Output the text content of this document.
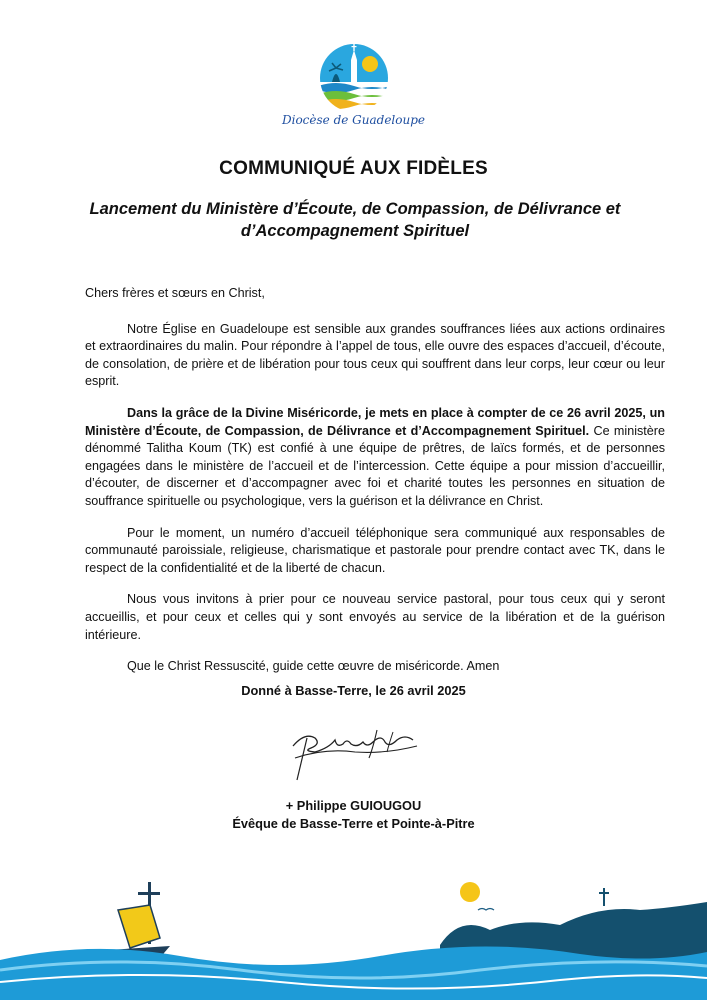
Diocèse de Guadeloupe
COMMUNIQUÉ AUX FIDÈLES
Lancement du Ministère d’Écoute, de Compassion, de Délivrance et d’Accompagnement Spirituel

Chers frères et sœurs en Christ,

Notre Église en Guadeloupe est sensible aux grandes souffrances liées aux actions ordinaires et extraordinaires du malin. Pour répondre à l’appel de tous, elle ouvre des espaces d’accueil, d’écoute, de consolation, de prière et de libération pour tous ceux qui souffrent dans leur corps, leur cœur ou leur esprit.

Dans la grâce de la Divine Miséricorde, je mets en place à compter de ce 26 avril 2025, un Ministère d’Écoute, de Compassion, de Délivrance et d’Accompagnement Spirituel. Ce ministère dénommé Talitha Koum (TK) est confié à une équipe de prêtres, de laïcs formés, et de personnes engagées dans le ministère de l’accueil et de l’intercession. Cette équipe a pour mission d’accueillir, d’écouter, de discerner et d’accompagner avec foi et charité toutes les personnes en situation de souffrance spirituelle ou psychologique, vers la guérison et la délivrance en Christ.

Pour le moment, un numéro d’accueil téléphonique sera communiqué aux responsables de communauté paroissiale, religieuse, charismatique et pastorale pour prendre contact avec TK, dans le respect de la confidentialité et de la liberté de chacun.

Nous vous invitons à prier pour ce nouveau service pastoral, pour tous ceux qui y seront accueillis, et pour ceux et celles qui y sont envoyés au service de la libération et de la guérison intérieure.

Que le Christ Ressuscité, guide cette œuvre de miséricorde. Amen

Donné à Basse-Terre, le 26 avril 2025
+ Philippe GUIOUGOU
Évêque de Basse-Terre et Pointe-à-Pitre
